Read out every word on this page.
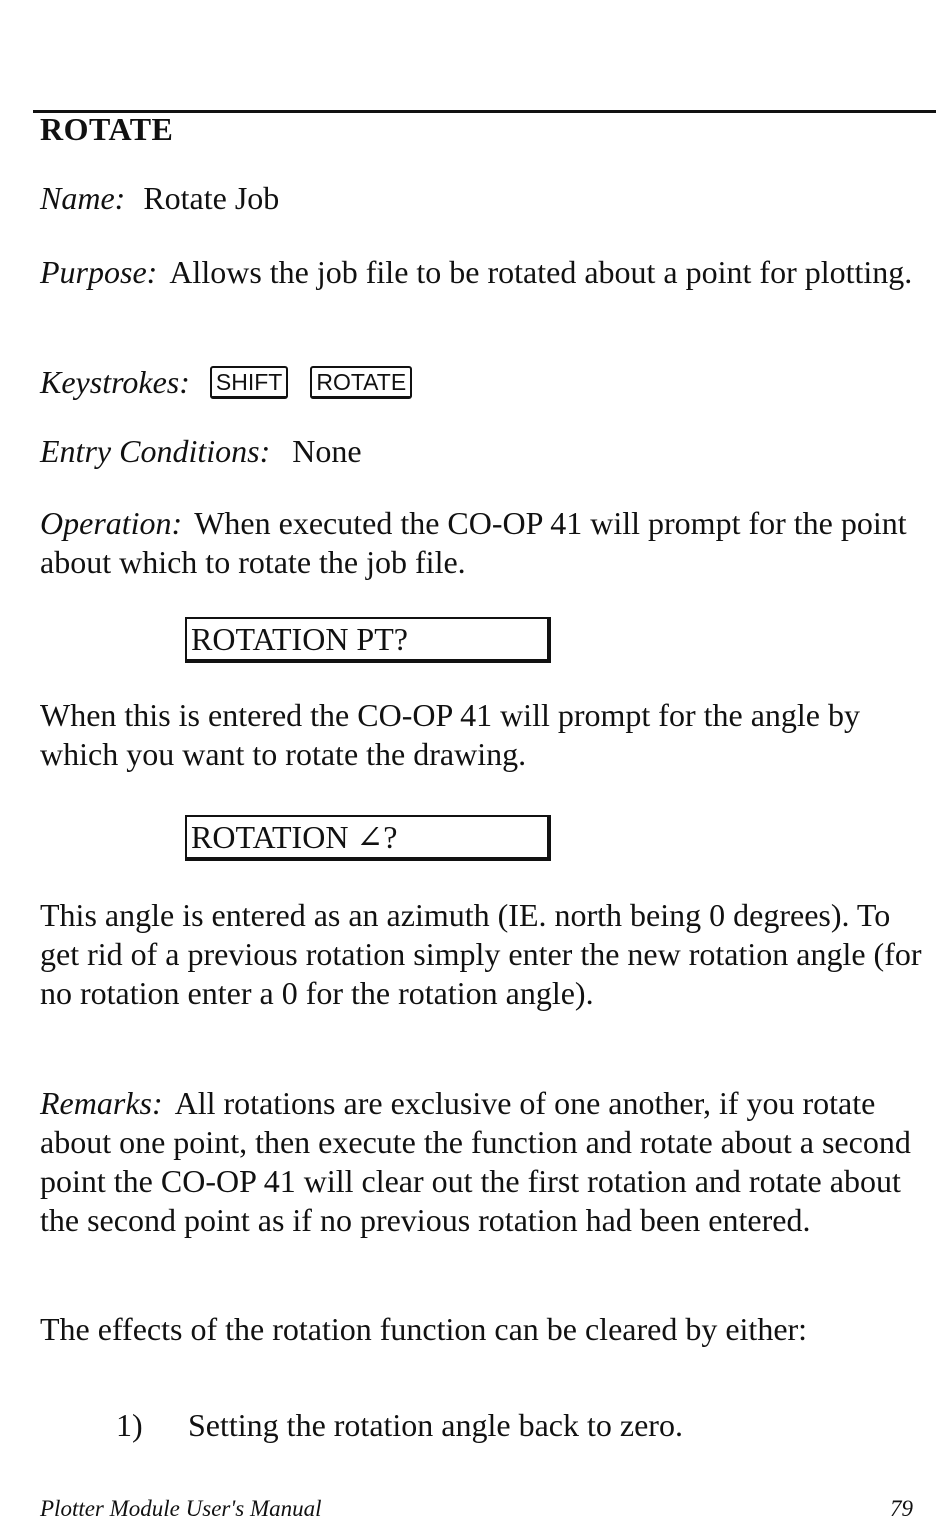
ROTATE
Name: Rotate Job
Purpose: Allows the job file to be rotated about a point for plotting.
Keystrokes: SHIFT ROTATE
Entry Conditions: None
Operation: When executed the CO-OP 41 will prompt for the point about which to rotate the job file.
ROTATION PT?
When this is entered the CO-OP 41 will prompt for the angle by which you want to rotate the drawing.
ROTATION ∠?
This angle is entered as an azimuth (IE. north being 0 degrees). To get rid of a previous rotation simply enter the new rotation angle (for no rotation enter a 0 for the rotation angle).
Remarks: All rotations are exclusive of one another, if you rotate about one point, then execute the function and rotate about a second point the CO-OP 41 will clear out the first rotation and rotate about the second point as if no previous rotation had been entered.
The effects of the rotation function can be cleared by either:
1) Setting the rotation angle back to zero.
Plotter Module User's Manual	79
